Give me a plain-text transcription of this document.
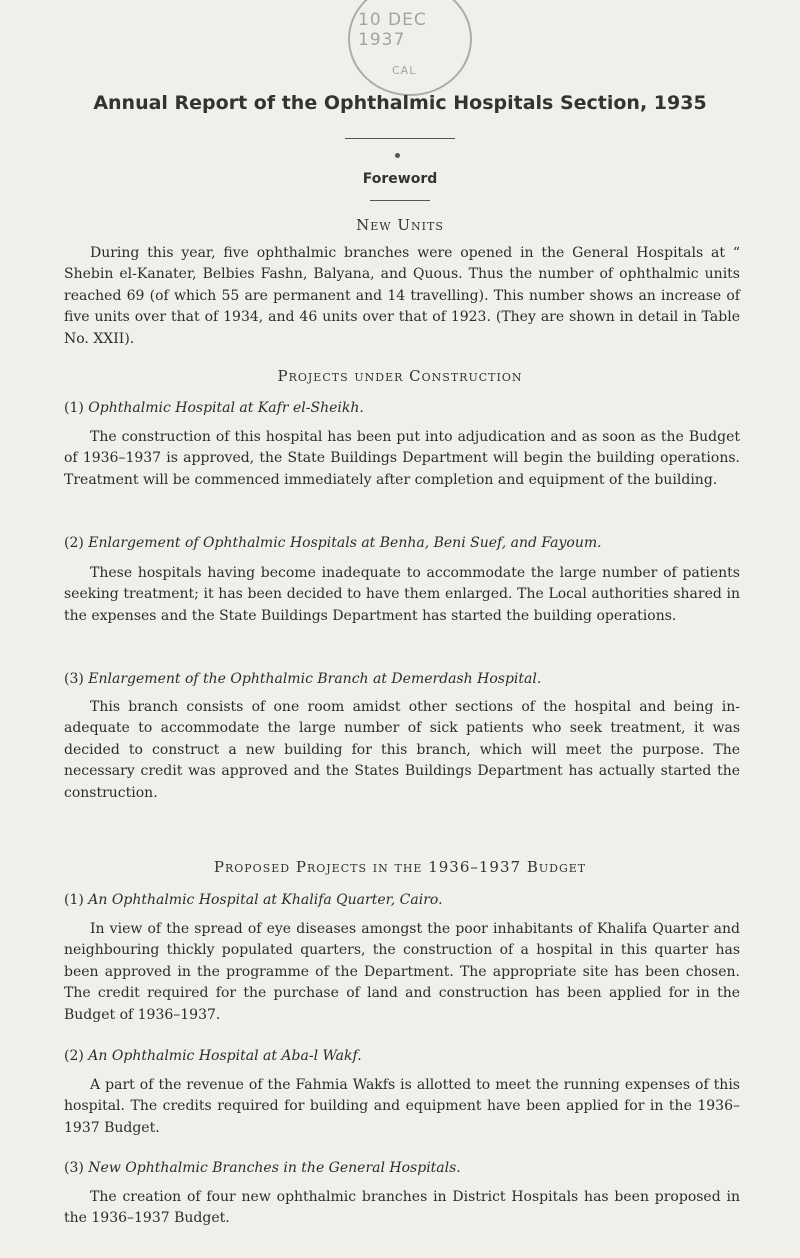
10 DEC 1937
CAL
Annual Report of the Ophthalmic Hospitals Section, 1935
Foreword
New Units
During this year, five ophthalmic branches were opened in the General Hospitals at “ Shebin el-Kanater, Belbies Fashn, Balyana, and Quous. Thus the number of ophthalmic units reached 69 (of which 55 are permanent and 14 travelling). This number shows an increase of five units over that of 1934, and 46 units over that of 1923. (They are shown in detail in Table No. XXII).
Projects under Construction
(1) Ophthalmic Hospital at Kafr el-Sheikh.
The construction of this hospital has been put into adjudication and as soon as the Budget of 1936–1937 is approved, the State Buildings Department will begin the building operations. Treatment will be commenced immediately after completion and equipment of the building.
(2) Enlargement of Ophthalmic Hospitals at Benha, Beni Suef, and Fayoum.
These hospitals having become inadequate to accommodate the large number of patients seeking treatment; it has been decided to have them enlarged. The Local authorities shared in the expenses and the State Buildings Department has started the building operations.
(3) Enlargement of the Ophthalmic Branch at Demerdash Hospital.
This branch consists of one room amidst other sections of the hospital and being in-adequate to accommodate the large number of sick patients who seek treatment, it was decided to construct a new building for this branch, which will meet the purpose. The necessary credit was approved and the States Buildings Department has actually started the construction.
Proposed Projects in the 1936–1937 Budget
(1) An Ophthalmic Hospital at Khalifa Quarter, Cairo.
In view of the spread of eye diseases amongst the poor inhabitants of Khalifa Quarter and neighbouring thickly populated quarters, the construction of a hospital in this quarter has been approved in the programme of the Department. The appropriate site has been chosen. The credit required for the purchase of land and construction has been applied for in the Budget of 1936–1937.
(2) An Ophthalmic Hospital at Aba-l Wakf.
A part of the revenue of the Fahmia Wakfs is allotted to meet the running expenses of this hospital. The credits required for building and equipment have been applied for in the 1936–1937 Budget.
(3) New Ophthalmic Branches in the General Hospitals.
The creation of four new ophthalmic branches in District Hospitals has been proposed in the 1936–1937 Budget.
